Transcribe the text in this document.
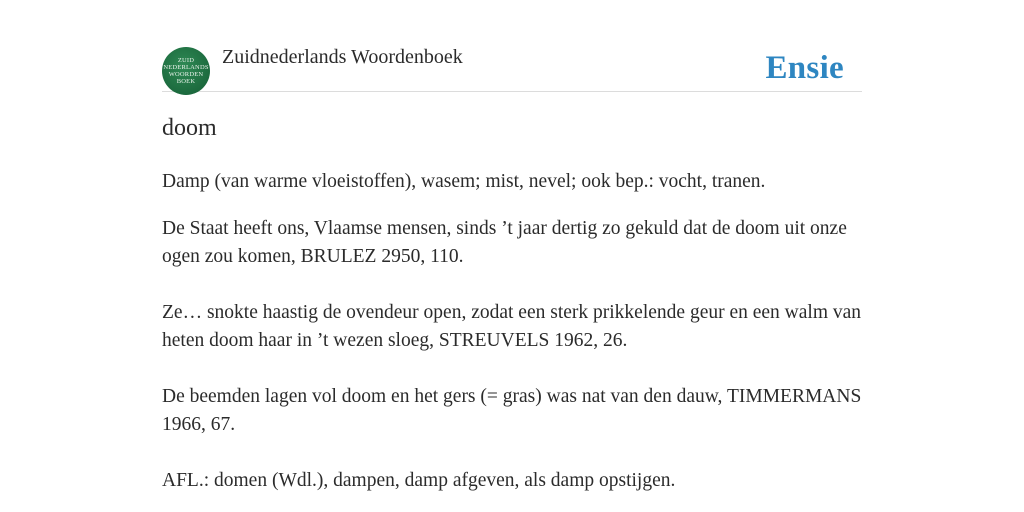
ZUID
NEDERLANDS
WOORDEN
BOEK
Zuidnederlands Woordenboek	Ensie
doom

Damp (van warme vloeistoffen), wasem; mist, nevel; ook bep.: vocht, tranen.

De Staat heeft ons, Vlaamse mensen, sinds ’t jaar dertig zo gekuld dat de doom uit onze ogen zou komen, BRULEZ 2950, 110.

Ze… snokte haastig de ovendeur open, zodat een sterk prikkelende geur en een walm van heten doom haar in ’t wezen sloeg, STREUVELS 1962, 26.

De beemden lagen vol doom en het gers (= gras) was nat van den dauw, TIMMERMANS 1966, 67.

AFL.: domen (Wdl.), dampen, damp afgeven, als damp opstijgen.
